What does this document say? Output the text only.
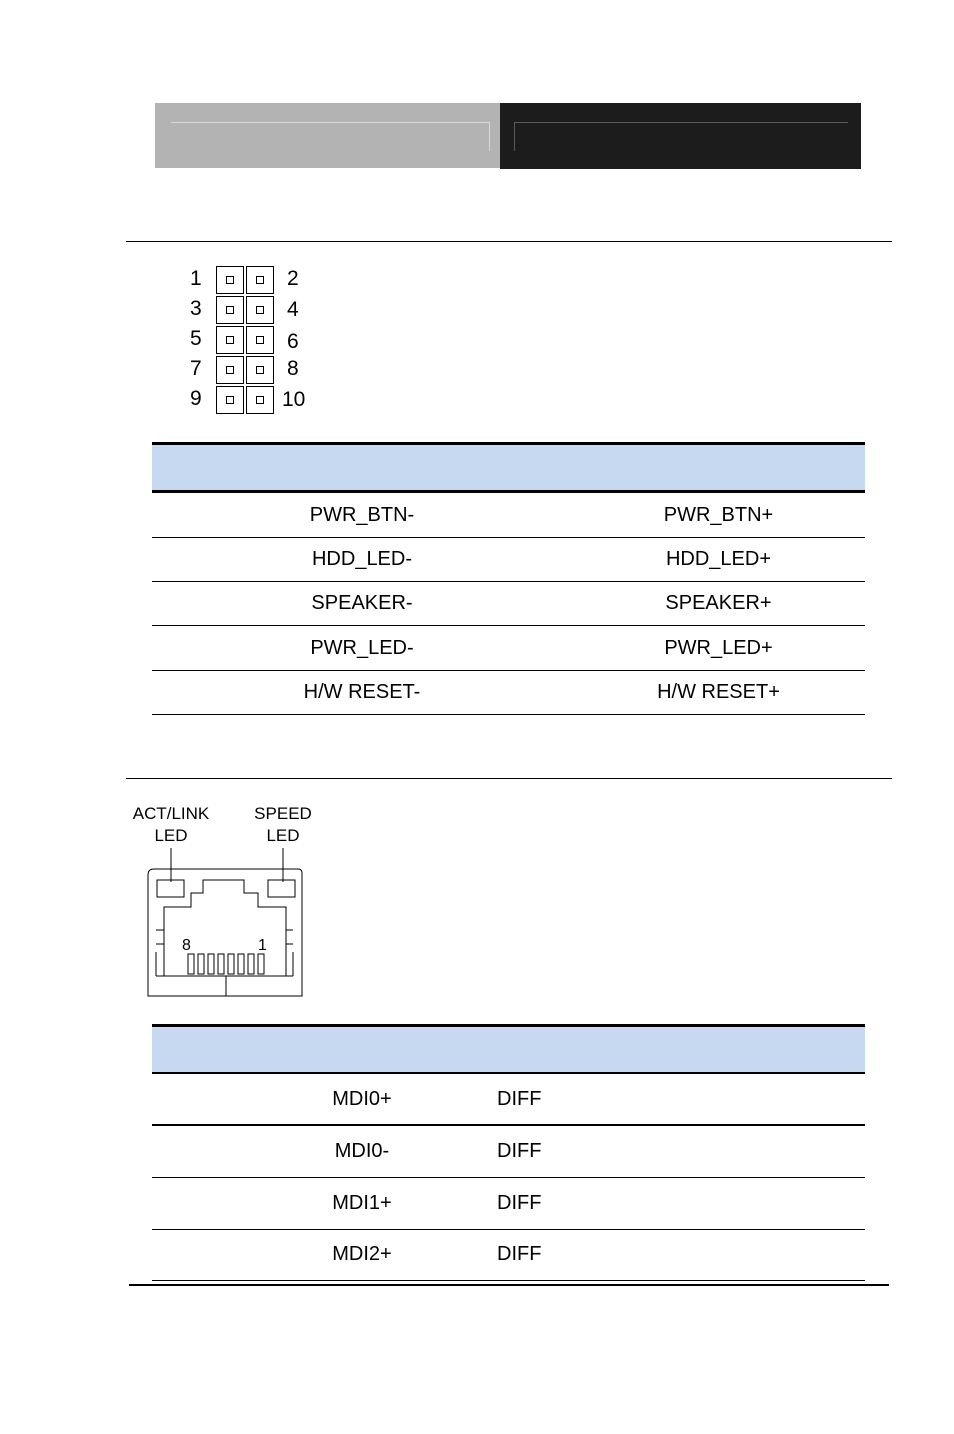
1
3
5
7
9
2
4
6
8
10

PWR_BTN-	PWR_BTN+
HDD_LED-	HDD_LED+
SPEAKER-	SPEAKER+
PWR_LED-	PWR_LED+
H/W RESET-	H/W RESET+
ACT/LINK
LED
SPEED
LED
8	1

	MDI0+	DIFF	
	MDI0-	DIFF	
	MDI1+	DIFF	
	MDI2+	DIFF	
